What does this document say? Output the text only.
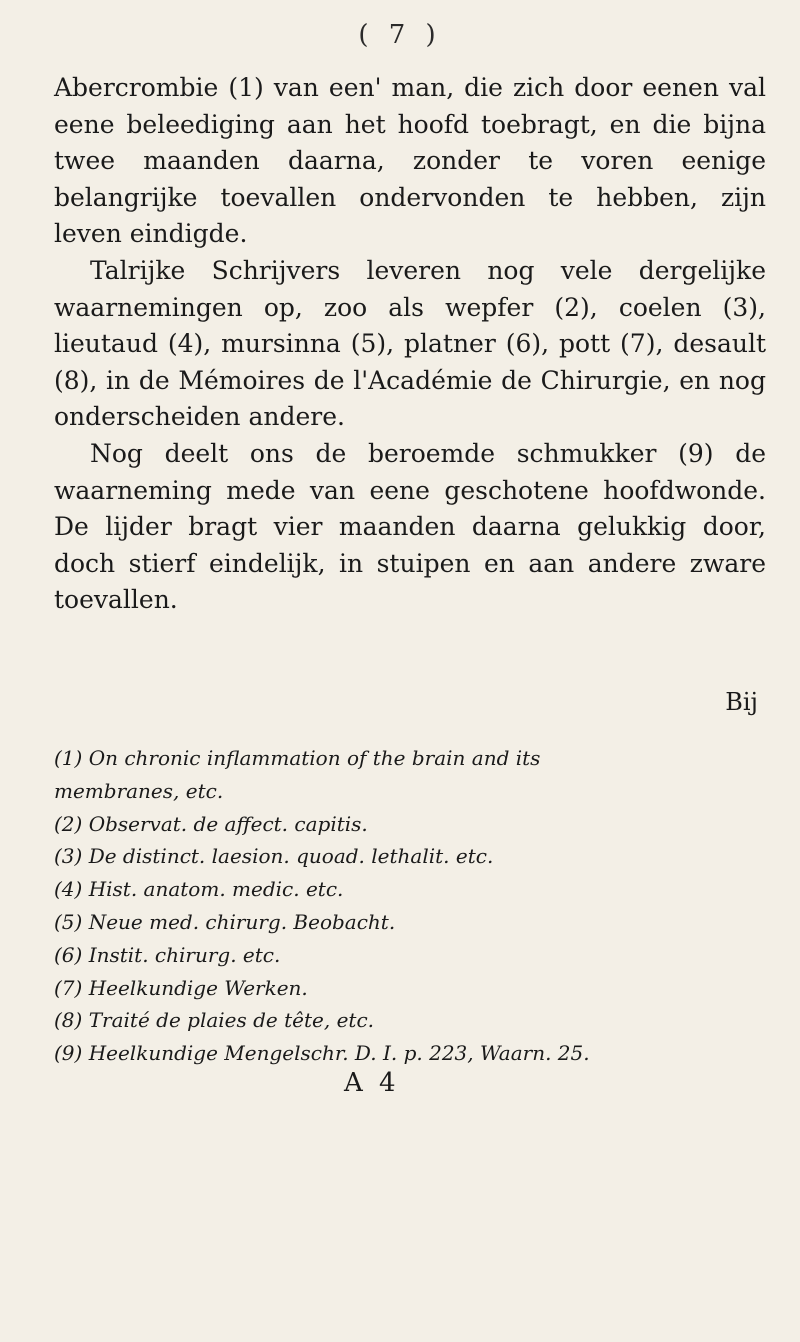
( 7 )

Abercrombie (1) van een' man, die zich door eenen val eene beleediging aan het hoofd toebragt, en die bijna twee maanden daarna, zonder te voren eenige belangrijke toevallen ondervonden te hebben, zijn leven eindigde.

Talrijke Schrijvers leveren nog vele dergelijke waarnemingen op, zoo als wepfer (2), coelen (3), lieutaud (4), mursinna (5), platner (6), pott (7), desault (8), in de Mémoires de l'Académie de Chirurgie, en nog onderscheiden andere.

Nog deelt ons de beroemde schmukker (9) de waarneming mede van eene geschotene hoofdwonde. De lijder bragt vier maanden daarna gelukkig door, doch stierf eindelijk, in stuipen en aan andere zware toevallen.

Bij
(1) On chronic inflammation of the brain and its
membranes, etc.
(2) Observat. de affect. capitis.
(3) De distinct. laesion. quoad. lethalit. etc.
(4) Hist. anatom. medic. etc.
(5) Neue med. chirurg. Beobacht.
(6) Instit. chirurg. etc.
(7) Heelkundige Werken.
(8) Traité de plaies de tête, etc.
(9) Heelkundige Mengelschr. D. I. p. 223, Waarn. 25.
A 4
